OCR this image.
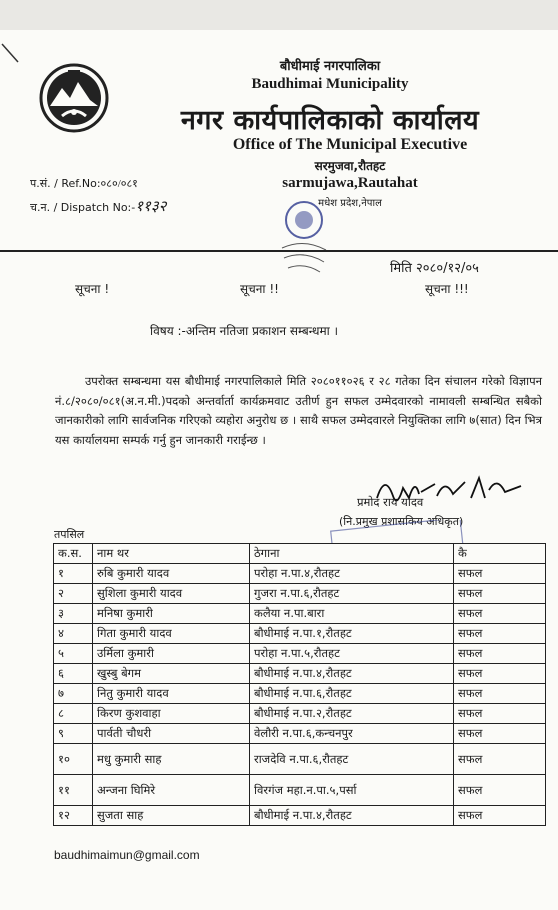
बौधीमाई नगरपालिका
Baudhimai Municipality
नगर कार्यपालिकाको कार्यालय
Office of The Municipal Executive
सरमुजवा,रौतहट
sarmujawa,Rautahat
मधेश प्रदेश,नेपाल
प.सं. / Ref.No:०८०/०८१
च.न. / Dispatch No:-११३२
मिति २०८०/१२/०५
सूचना !	सूचना !!	सूचना !!!
विषय :-अन्तिम नतिजा प्रकाशन सम्बन्धमा ।
उपरोक्त सम्बन्धमा यस बौधीमाई नगरपालिकाले मिति २०८०११०२६ र २८ गतेका दिन संचालन गरेको विज्ञापन नं.८/२०८०/०८१(अ.न.मी.)पदको अन्तर्वार्ता कार्यक्रमवाट उतीर्ण हुन सफल उम्मेदवारको नामावली सम्बन्धित सबैको जानकारीको लागि सार्वजनिक गरिएको व्यहोरा अनुरोध छ । साथै सफल उम्मेदवारले नियुक्तिका लागि ७(सात) दिन भित्र यस कार्यालयमा सम्पर्क गर्नु हुन जानकारी गराईन्छ ।
प्रमोद राय यादव
(नि.प्रमुख प्रशासकिय अधिकृत)
तपसिल
क.स.	नाम थर	ठेगाना	कै
१	रुबि कुमारी यादव	परोहा न.पा.४,रौतहट	सफल
२	सुशिला कुमारी यादव	गुजरा न.पा.६,रौतहट	सफल
३	मनिषा कुमारी	कलैया न.पा.बारा	सफल
४	गिता कुमारी यादव	बौधीमाई न.पा.१,रौतहट	सफल
५	उर्मिला कुमारी	परोहा न.पा.५,रौतहट	सफल
६	खुस्बु बेगम	बौधीमाई न.पा.४,रौतहट	सफल
७	नितु कुमारी यादव	बौधीमाई न.पा.६,रौतहट	सफल
८	किरण कुशवाहा	बौधीमाई न.पा.२,रौतहट	सफल
९	पार्वती चौधरी	वेलौरी न.पा.६,कन्चनपुर	सफल
१०	मधु कुमारी साह	राजदेवि न.पा.६,रौतहट	सफल
११	अन्जना घिमिरे	विरगंज महा.न.पा.५,पर्सा	सफल
१२	सुजता साह	बौधीमाई न.पा.४,रौतहट	सफल
baudhimaimun@gmail.com
